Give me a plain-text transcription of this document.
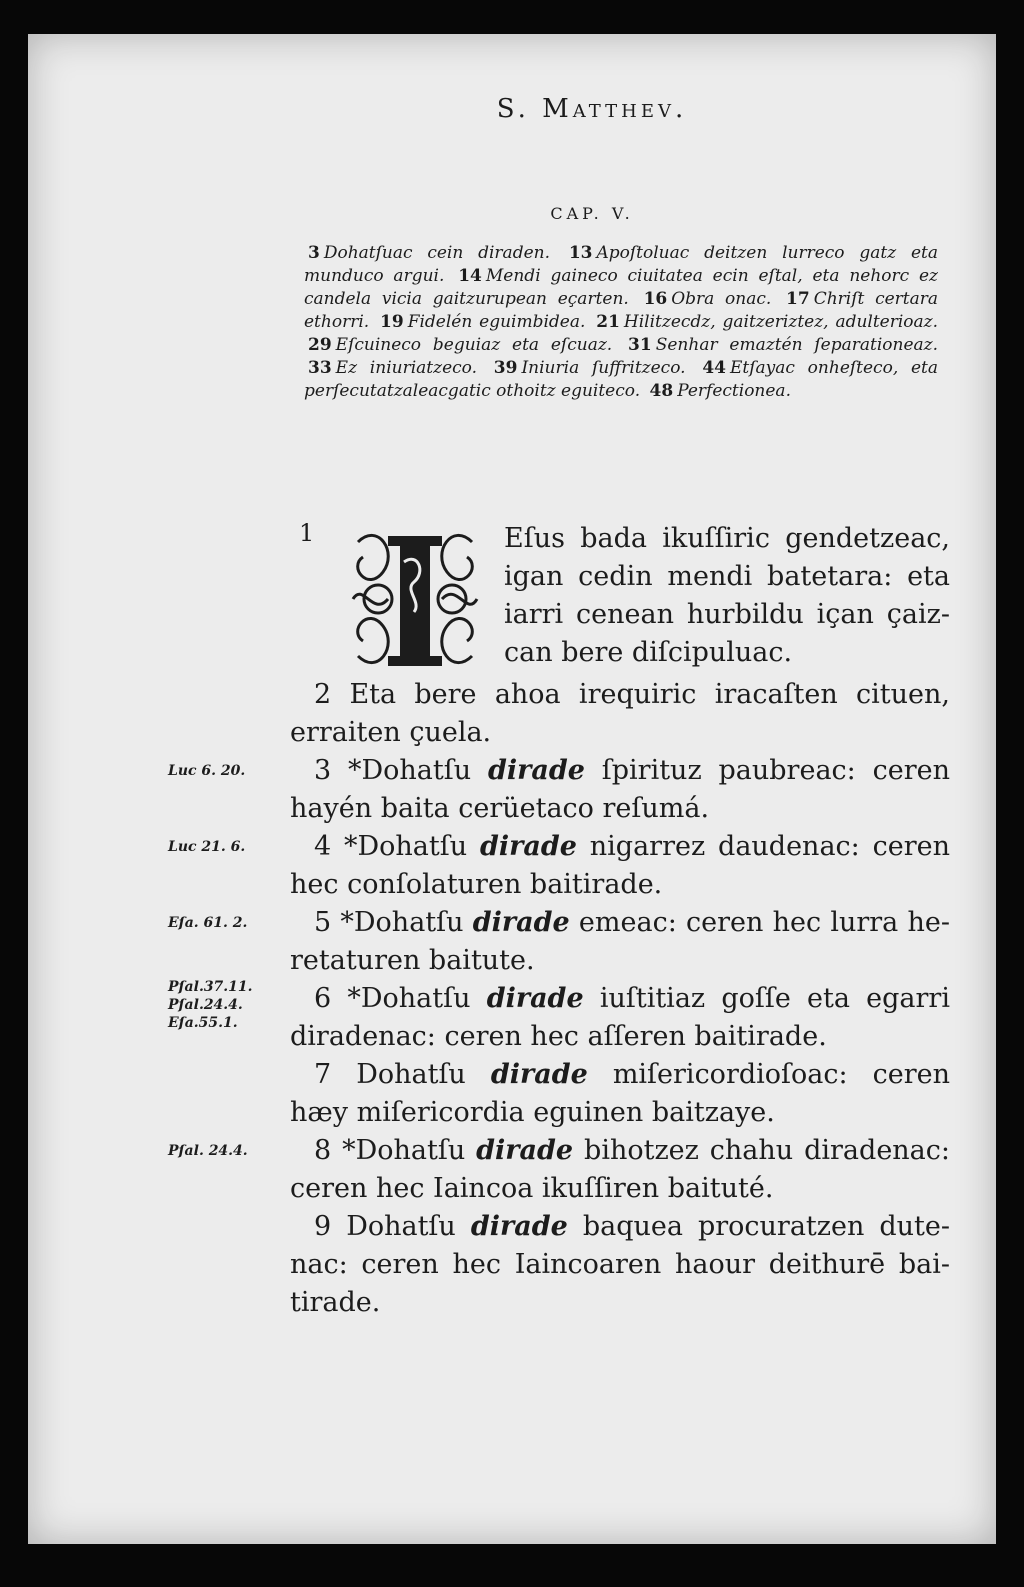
S. Matthev.
CAP. V.
3 Dohatſuac cein diraden. 13 Apoſtoluac deitzen lurreco gatz eta munduco argui. 14 Mendi gaineco ciuitatea ecin eſtal, eta nehorc ez candela vicia gaitzurupean eçarten. 16 Obra onac. 17 Chriſt certara ethorri. 19 Fidelén eguimbidea. 21 Hilitzecdz, gaitzeriztez, adulterioaz. 29 Eſcuineco beguiaz eta eſcuaz. 31 Senhar emaztén ſeparationeaz. 33 Ez iniuriatzeco. 39 Iniuria ſuffritzeco. 44 Etſayac onheſteco, eta perſecutatzaleacgatic othoitz eguiteco. 48 Perfectionea.
1	Eſus bada ikuſſiric gendetzeac,
igan cedin mendi batetara: eta
iarri cenean hurbildu içan çaiz-
can bere diſcipuluac.
2 Eta bere ahoa irequiric iracaſten cituen,
erraiten çuela.
Luc 6. 20.	3 *Dohatſu dirade ſpirituz paubreac: ceren
hayén baita cerüetaco reſumá.
Luc 21. 6.	4 *Dohatſu dirade nigarrez daudenac: ceren
hec conſolaturen baitirade.
Eſa. 61. 2.	5 *Dohatſu dirade emeac: ceren hec lurra he-
retaturen baitute.
Pſal.37.11.
Pſal.24.4.
Eſa.55.1.
6 *Dohatſu dirade iuſtitiaz goſſe eta egarri
diradenac: ceren hec aſſeren baitirade.
7 Dohatſu dirade miſericordioſoac: ceren
hæy miſericordia eguinen baitzaye.
Pſal. 24.4.	8 *Dohatſu dirade bihotzez chahu diradenac:
ceren hec Iaincoa ikuſſiren baituté.
9 Dohatſu dirade baquea procuratzen dute-
nac: ceren hec Iaincoaren haour deithurē bai-
tirade.
